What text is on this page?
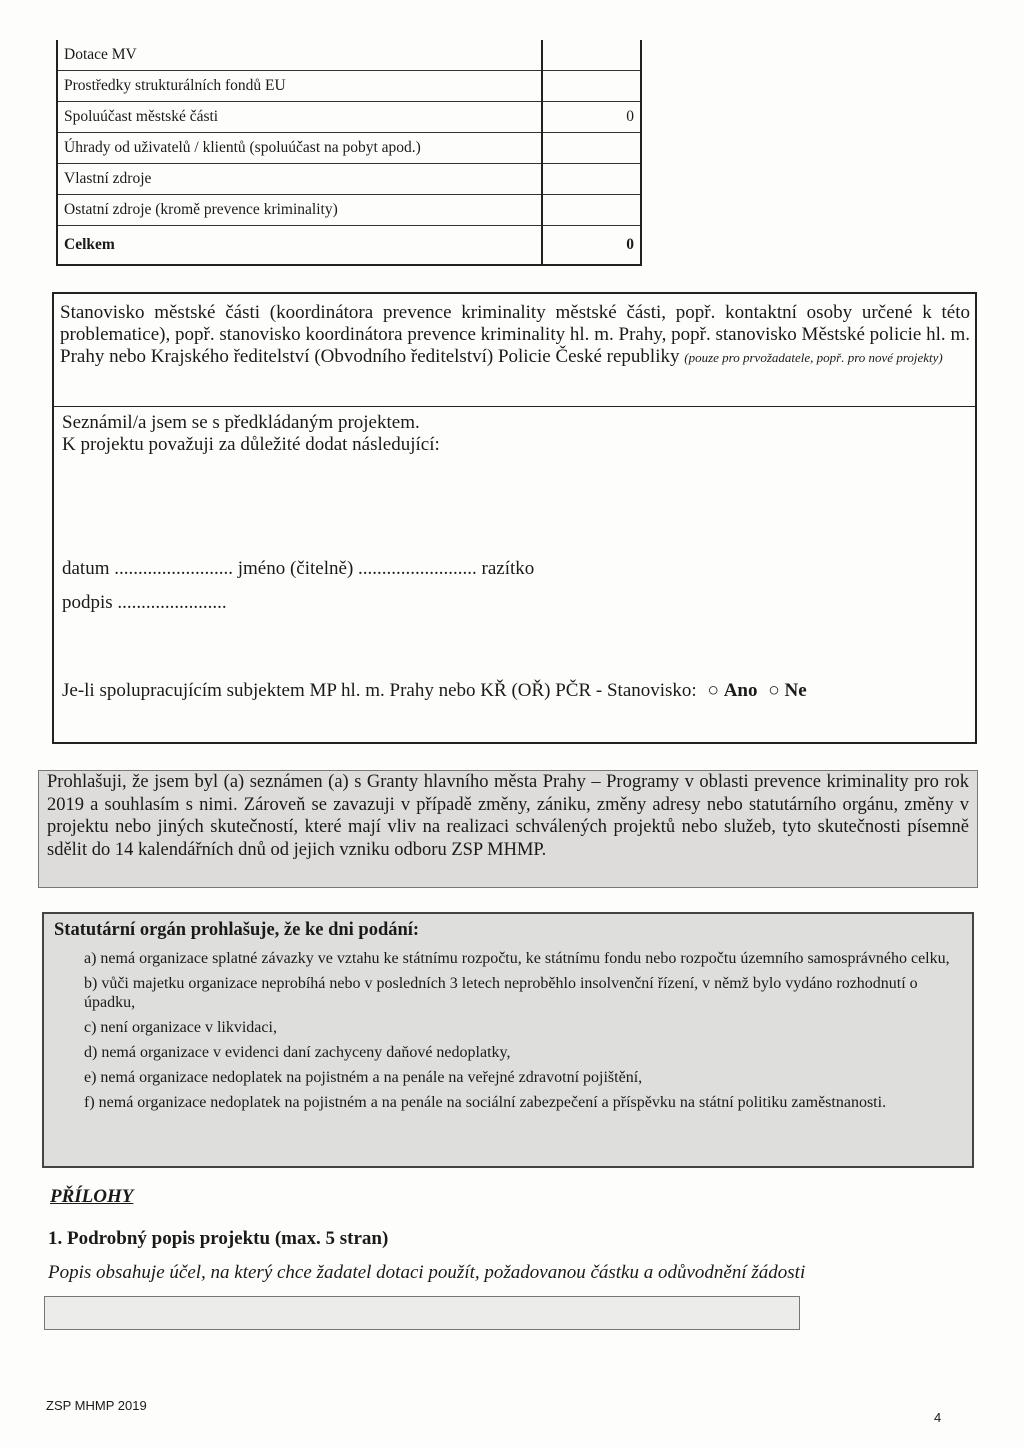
Dotace MV	
Prostředky strukturálních fondů EU	
Spoluúčast městské části	0
Úhrady od uživatelů / klientů (spoluúčast na pobyt apod.)	
Vlastní zdroje	
Ostatní zdroje (kromě prevence kriminality)	
Celkem	0
Stanovisko městské části (koordinátora prevence kriminality městské části, popř. kontaktní osoby určené k této problematice), popř. stanovisko koordinátora prevence kriminality hl. m. Prahy, popř. stanovisko Městské policie hl. m. Prahy nebo Krajského ředitelství (Obvodního ředitelství) Policie České republiky (pouze pro prvožadatele, popř. pro nové projekty)
Seznámil/a jsem se s předkládaným projektem.
K projektu považuji za důležité dodat následující:
datum ......................... jméno (čitelně) ......................... razítko
podpis .......................
Je-li spolupracujícím subjektem MP hl. m. Prahy nebo KŘ (OŘ) PČR - Stanovisko: ○ Ano ○ Ne
Prohlašuji, že jsem byl (a) seznámen (a) s Granty hlavního města Prahy – Programy v oblasti prevence kriminality pro rok 2019 a souhlasím s nimi. Zároveň se zavazuji v případě změny, zániku, změny adresy nebo statutárního orgánu, změny v projektu nebo jiných skutečností, které mají vliv na realizaci schválených projektů nebo služeb, tyto skutečnosti písemně sdělit do 14 kalendářních dnů od jejich vzniku odboru ZSP MHMP.
Statutární orgán prohlašuje, že ke dni podání:
a) nemá organizace splatné závazky ve vztahu ke státnímu rozpočtu, ke státnímu fondu nebo rozpočtu územního samosprávného celku,
b) vůči majetku organizace neprobíhá nebo v posledních 3 letech neproběhlo insolvenční řízení, v němž bylo vydáno rozhodnutí o úpadku,
c) není organizace v likvidaci,
d) nemá organizace v evidenci daní zachyceny daňové nedoplatky,
e) nemá organizace nedoplatek na pojistném a na penále na veřejné zdravotní pojištění,
f) nemá organizace nedoplatek na pojistném a na penále na sociální zabezpečení a příspěvku na státní politiku zaměstnanosti.
PŘÍLOHY
1. Podrobný popis projektu (max. 5 stran)
Popis obsahuje účel, na který chce žadatel dotaci použít, požadovanou částku a odůvodnění žádosti
ZSP MHMP 2019
4
